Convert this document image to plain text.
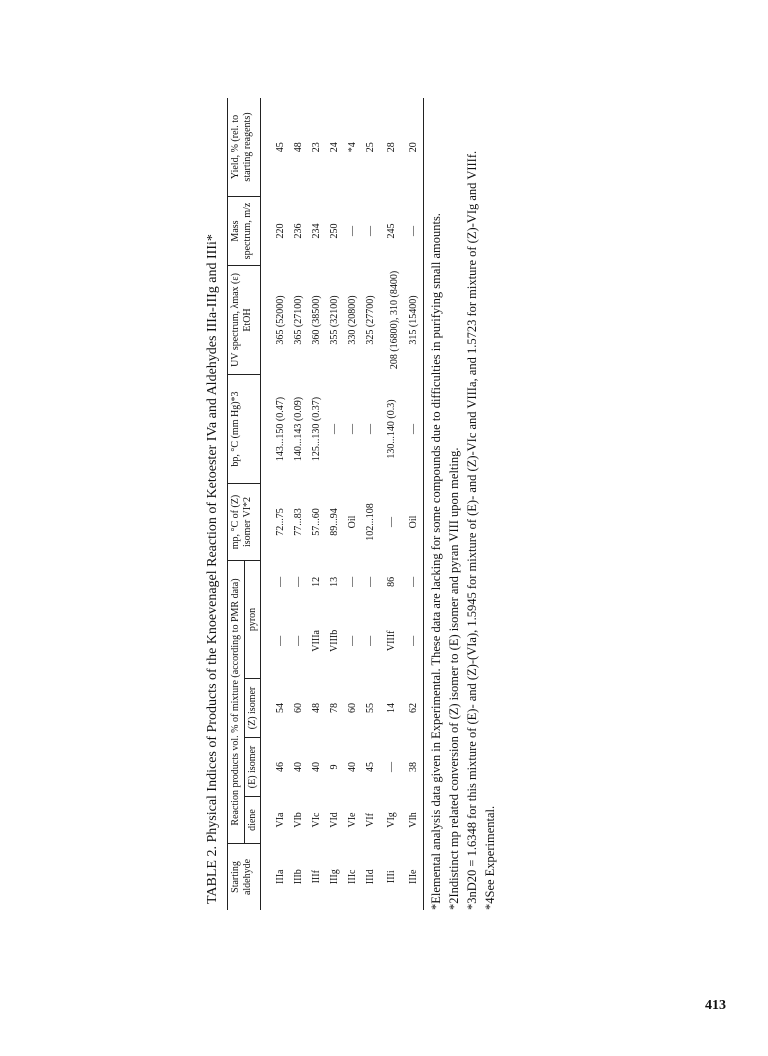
TABLE 2. Physical Indices of Products of the Knoevenagel Reaction of Ketoester IVa and Aldehydes IIIa-IIIg and IIIi* Starting aldehyde	Reaction products vol. % of mixture (according to PMR data)					mp, °C of (Z) isomer VI*2	bp, °C (mm Hg)*3	UV spectrum, λmax (ε) EtOH	Mass spectrum, m/z	Yield, % (rel. to starting reagents)
	diene	(E) isomer	(Z) isomer	pyron						
IIIa	VIa	46	54	—	—	72...75	143...150 (0.47)	365 (52000)	220	45
IIIb	VIb	40	60	—	—	77...83	140...143 (0.09)	365 (27100)	236	48
IIIf	VIc	40	48	VIIIa	12	57...60	125...130 (0.37)	360 (38500)	234	23
IIIg	VId	9	78	VIIIb	13	89...94	—	355 (32100)	250	24
IIIc	VIe	40	60	—	—	Oil	—	330 (20800)	—	*4
IIId	VIf	45	55	—	—	102...108	—	325 (27700)	—	25
IIIi	VIg	—	14	VIIIf	86	—	130...140 (0.3)	208 (16800), 310 (8400)	245	28
IIIe	VIh	38	62	—	—	Oil	—	315 (15400)	—	20
*Elemental analysis data given in Experimental. These data are lacking for some compounds due to difficulties in purifying small amounts. *2Indistinct mp related conversion of (Z) isomer to (E) isomer and pyran VIII upon melting. *3nD20 = 1.6348 for this mixture of (E)- and (Z)-(VIa), 1.5945 for mixture of (E)- and (Z)-VIc and VIIIa, and 1.5723 for mixture of (Z)-VIg and VIIIf. *4See Experimental.
413
